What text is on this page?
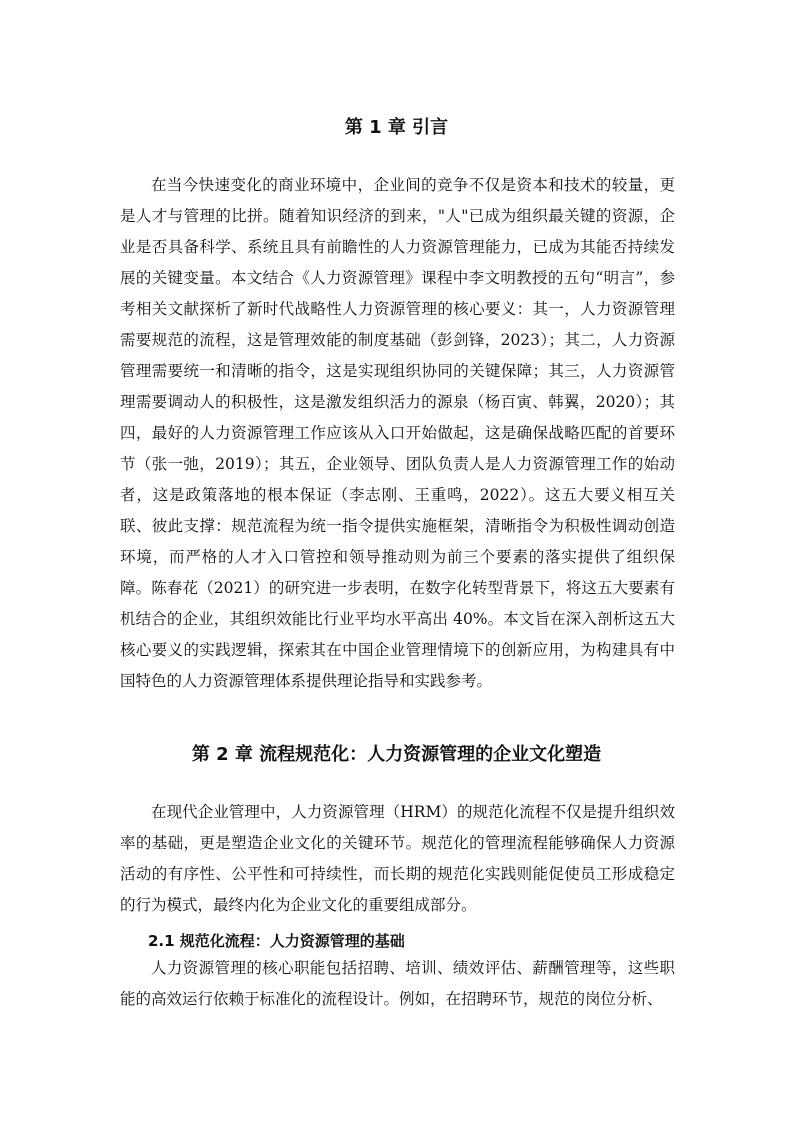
第 1 章 引言

在当今快速变化的商业环境中，企业间的竞争不仅是资本和技术的较量，更是人才与管理的比拼。随着知识经济的到来，"人"已成为组织最关键的资源，企业是否具备科学、系统且具有前瞻性的人力资源管理能力，已成为其能否持续发展的关键变量。本文结合《人力资源管理》课程中李文明教授的五句“明言”，参考相关文献探析了新时代战略性人力资源管理的核心要义：其一，人力资源管理需要规范的流程，这是管理效能的制度基础（彭剑锋，2023）；其二，人力资源管理需要统一和清晰的指令，这是实现组织协同的关键保障；其三，人力资源管理需要调动人的积极性，这是激发组织活力的源泉（杨百寅、韩翼，2020）；其四，最好的人力资源管理工作应该从入口开始做起，这是确保战略匹配的首要环节（张一弛，2019）；其五，企业领导、团队负责人是人力资源管理工作的始动者，这是政策落地的根本保证（李志刚、王重鸣，2022）。这五大要义相互关联、彼此支撑：规范流程为统一指令提供实施框架，清晰指令为积极性调动创造环境，而严格的人才入口管控和领导推动则为前三个要素的落实提供了组织保障。陈春花（2021）的研究进一步表明，在数字化转型背景下，将这五大要素有机结合的企业，其组织效能比行业平均水平高出 40%。本文旨在深入剖析这五大核心要义的实践逻辑，探索其在中国企业管理情境下的创新应用，为构建具有中国特色的人力资源管理体系提供理论指导和实践参考。

第 2 章 流程规范化：人力资源管理的企业文化塑造

在现代企业管理中，人力资源管理（HRM）的规范化流程不仅是提升组织效率的基础，更是塑造企业文化的关键环节。规范化的管理流程能够确保人力资源活动的有序性、公平性和可持续性，而长期的规范化实践则能促使员工形成稳定的行为模式，最终内化为企业文化的重要组成部分。

2.1 规范化流程：人力资源管理的基础

人力资源管理的核心职能包括招聘、培训、绩效评估、薪酬管理等，这些职能的高效运行依赖于标准化的流程设计。例如，在招聘环节，规范的岗位分析、
